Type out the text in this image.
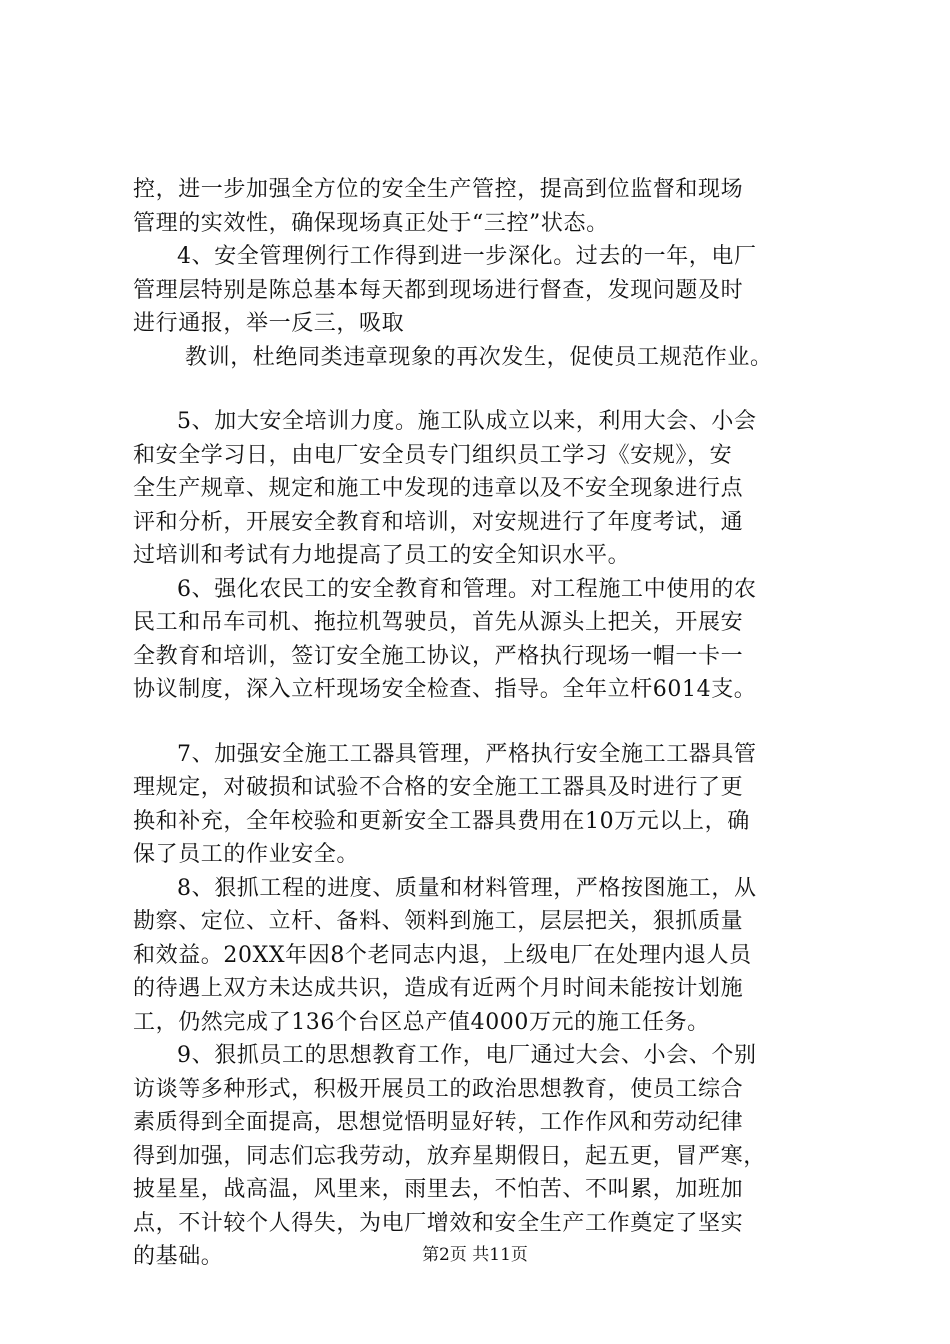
控，进一步加强全方位的安全生产管控，提高到位监督和现场
管理的实效性，确保现场真正处于“三控”状态。
4、安全管理例行工作得到进一步深化。过去的一年，电厂
管理层特别是陈总基本每天都到现场进行督查，发现问题及时
进行通报，举一反三，吸取
教训，杜绝同类违章现象的再次发生，促使员工规范作业。
5、加大安全培训力度。施工队成立以来，利用大会、小会
和安全学习日，由电厂安全员专门组织员工学习《安规》，安
全生产规章、规定和施工中发现的违章以及不安全现象进行点
评和分析，开展安全教育和培训，对安规进行了年度考试，通
过培训和考试有力地提高了员工的安全知识水平。
6、强化农民工的安全教育和管理。对工程施工中使用的农
民工和吊车司机、拖拉机驾驶员，首先从源头上把关，开展安
全教育和培训，签订安全施工协议，严格执行现场一帽一卡一
协议制度，深入立杆现场安全检查、指导。全年立杆6014支。
7、加强安全施工工器具管理，严格执行安全施工工器具管
理规定，对破损和试验不合格的安全施工工器具及时进行了更
换和补充，全年校验和更新安全工器具费用在10万元以上，确
保了员工的作业安全。
8、狠抓工程的进度、质量和材料管理，严格按图施工，从
勘察、定位、立杆、备料、领料到施工，层层把关，狠抓质量
和效益。20XX年因8个老同志内退，上级电厂在处理内退人员
的待遇上双方未达成共识，造成有近两个月时间未能按计划施
工，仍然完成了136个台区总产值4000万元的施工任务。
9、狠抓员工的思想教育工作，电厂通过大会、小会、个别
访谈等多种形式，积极开展员工的政治思想教育，使员工综合
素质得到全面提高，思想觉悟明显好转，工作作风和劳动纪律
得到加强，同志们忘我劳动，放弃星期假日，起五更，冒严寒，
披星星，战高温，风里来，雨里去，不怕苦、不叫累，加班加
点，不计较个人得失，为电厂增效和安全生产工作奠定了坚实
的基础。	第2页 共11页
